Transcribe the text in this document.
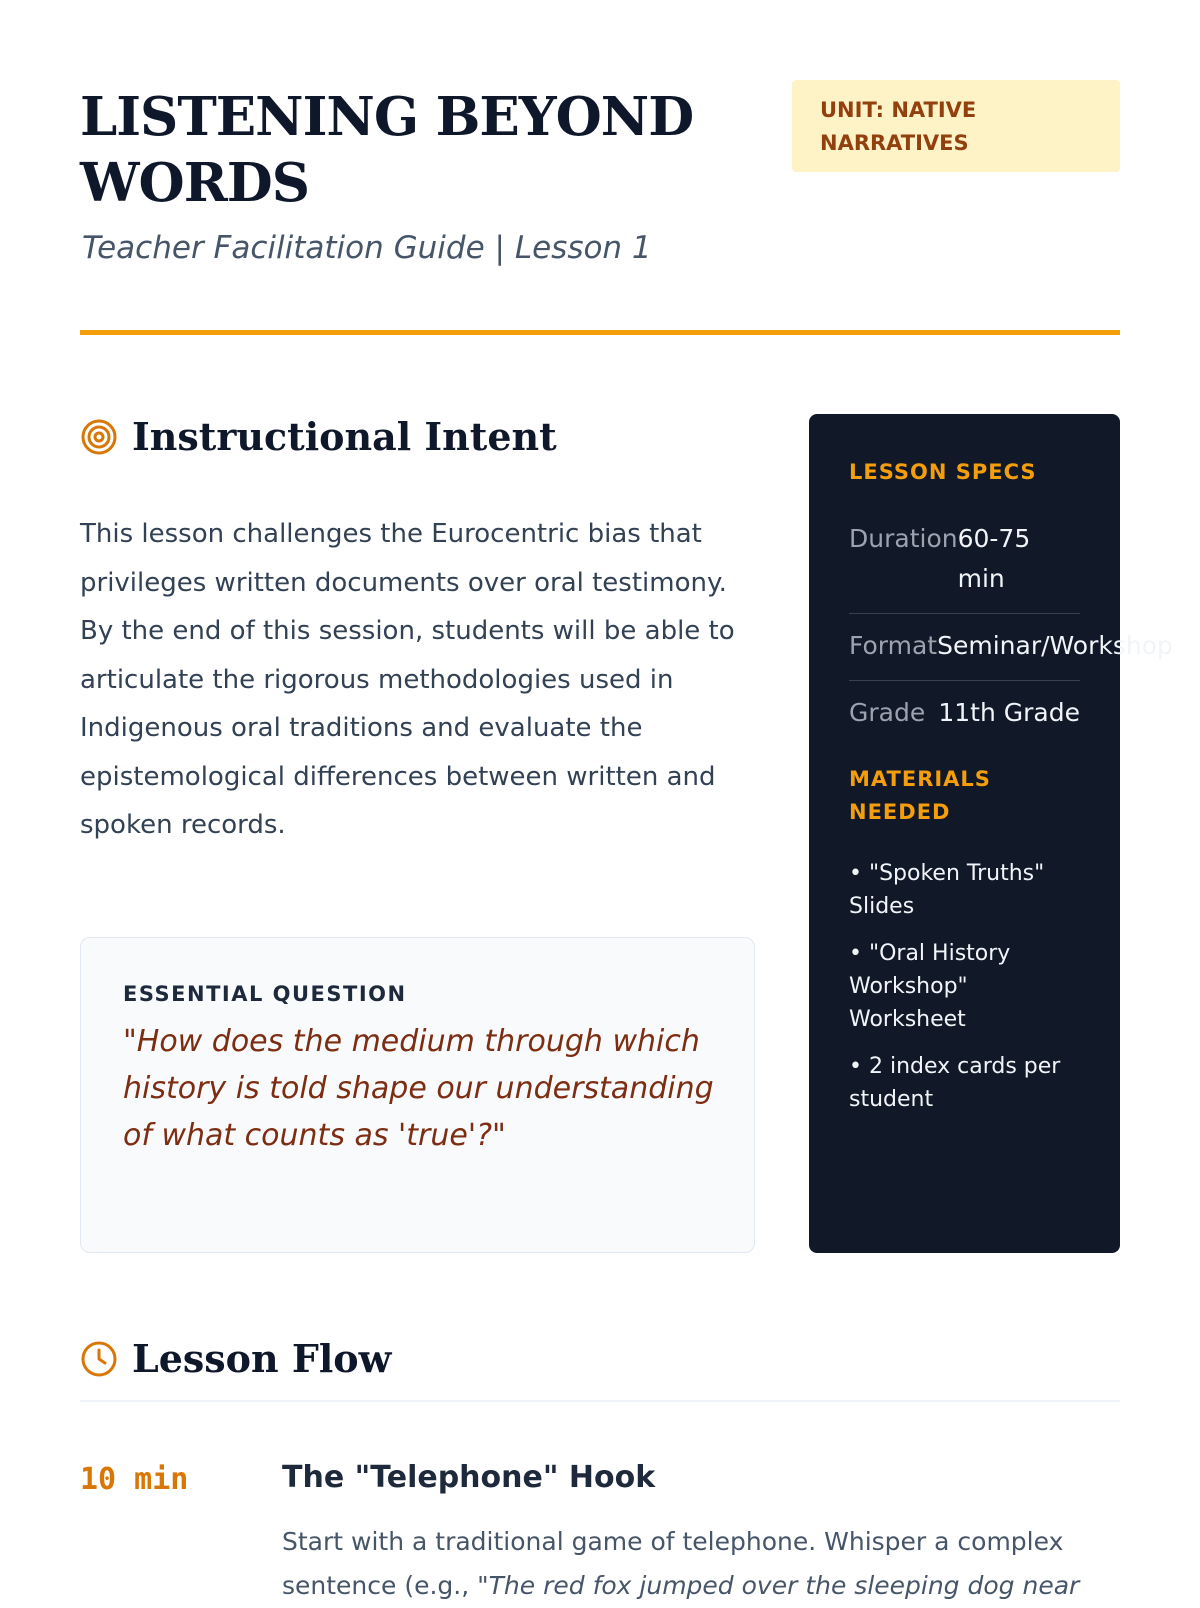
LISTENING BEYOND WORDS
Teacher Facilitation Guide | Lesson 1
UNIT: NATIVE NARRATIVES
Instructional Intent

This lesson challenges the Eurocentric bias that privileges written documents over oral testimony. By the end of this session, students will be able to articulate the rigorous methodologies used in Indigenous oral traditions and evaluate the epistemological differences between written and spoken records.

ESSENTIAL QUESTION
"How does the medium through which history is told shape our understanding of what counts as 'true'?"
LESSON SPECS
Duration 60-75 min
Format Seminar/Workshop
Grade 11th Grade
MATERIALS NEEDED
• "Spoken Truths" Slides
• "Oral History Workshop" Worksheet
• 2 index cards per student
Lesson Flow
10 min	The "Telephone" Hook

Start with a traditional game of telephone. Whisper a complex sentence (e.g., "The red fox jumped over the sleeping dog near
